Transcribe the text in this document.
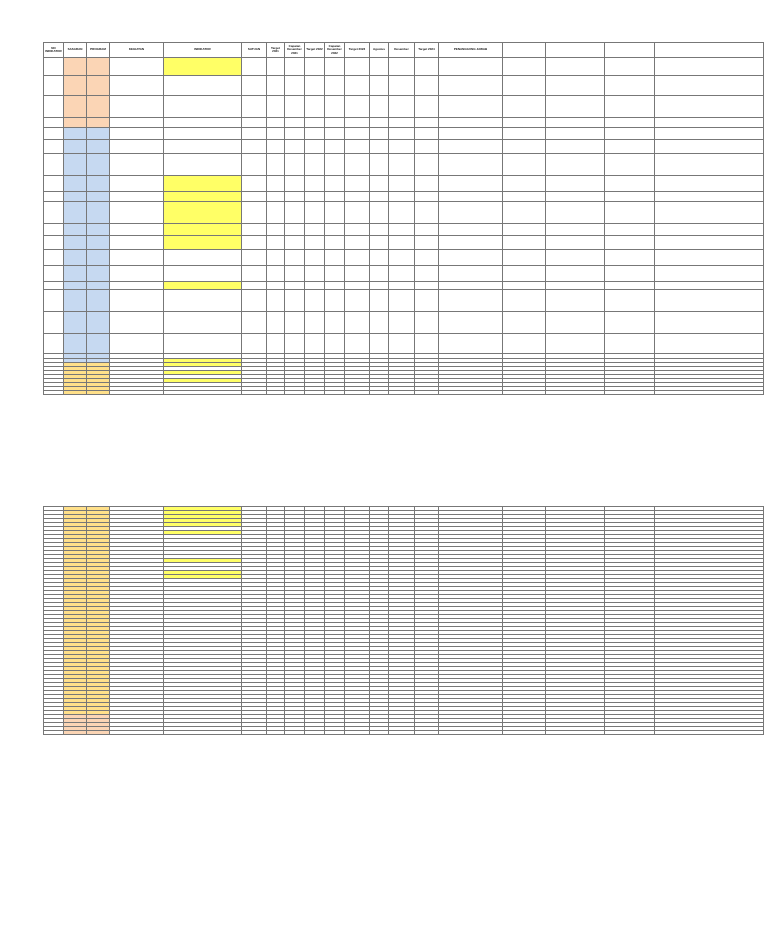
NO INDIKATOR	SASARAN	PROGRAM	KEGIATAN	INDIKATOR	SATUAN	Target 2021	Capaian Desember 2021	Target 2022	Capaian Desember 2022	Target 2023	Agustus	Desember	Target 2024	PENANGGUNG JAWAB				
